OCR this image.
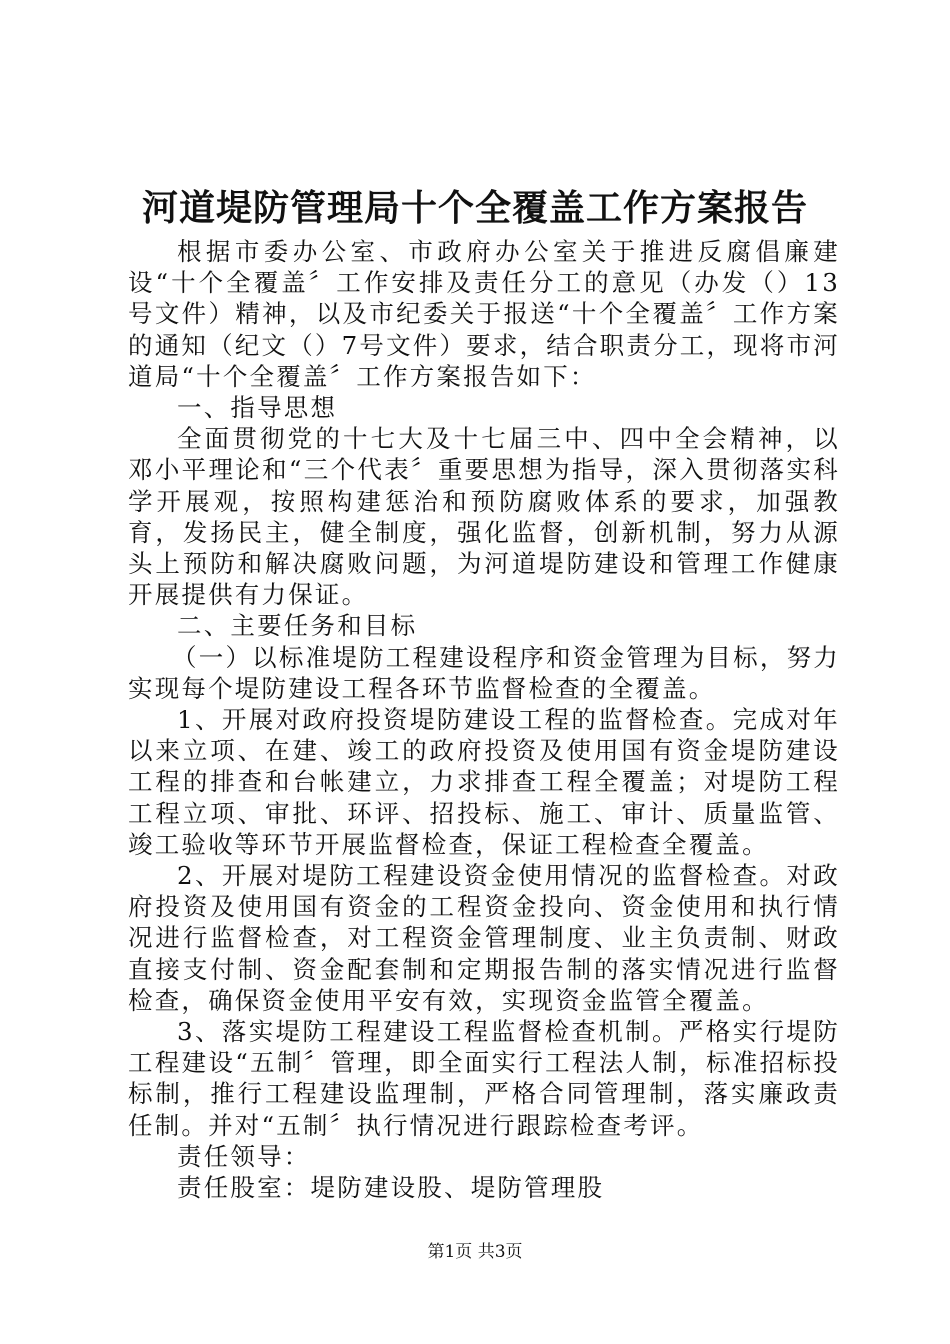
河道堤防管理局十个全覆盖工作方案报告

根据市委办公室、市政府办公室关于推进反腐倡廉建设“十个全覆盖〞工作安排及责任分工的意见（办发（）13号文件）精神，以及市纪委关于报送“十个全覆盖〞工作方案的通知（纪文（）7号文件）要求，结合职责分工，现将市河道局“十个全覆盖〞工作方案报告如下：

一、指导思想

全面贯彻党的十七大及十七届三中、四中全会精神，以邓小平理论和“三个代表〞重要思想为指导，深入贯彻落实科学开展观，按照构建惩治和预防腐败体系的要求，加强教育，发扬民主，健全制度，强化监督，创新机制，努力从源头上预防和解决腐败问题，为河道堤防建设和管理工作健康开展提供有力保证。

二、主要任务和目标

（一）以标准堤防工程建设程序和资金管理为目标，努力实现每个堤防建设工程各环节监督检查的全覆盖。

1、开展对政府投资堤防建设工程的监督检查。完成对年以来立项、在建、竣工的政府投资及使用国有资金堤防建设工程的排查和台帐建立，力求排查工程全覆盖；对堤防工程工程立项、审批、环评、招投标、施工、审计、质量监管、竣工验收等环节开展监督检查，保证工程检查全覆盖。

2、开展对堤防工程建设资金使用情况的监督检查。对政府投资及使用国有资金的工程资金投向、资金使用和执行情况进行监督检查，对工程资金管理制度、业主负责制、财政直接支付制、资金配套制和定期报告制的落实情况进行监督检查，确保资金使用平安有效，实现资金监管全覆盖。

3、落实堤防工程建设工程监督检查机制。严格实行堤防工程建设“五制〞管理，即全面实行工程法人制，标准招标投标制，推行工程建设监理制，严格合同管理制，落实廉政责任制。并对“五制〞执行情况进行跟踪检查考评。

责任领导：

责任股室：堤防建设股、堤防管理股

第1页 共3页
